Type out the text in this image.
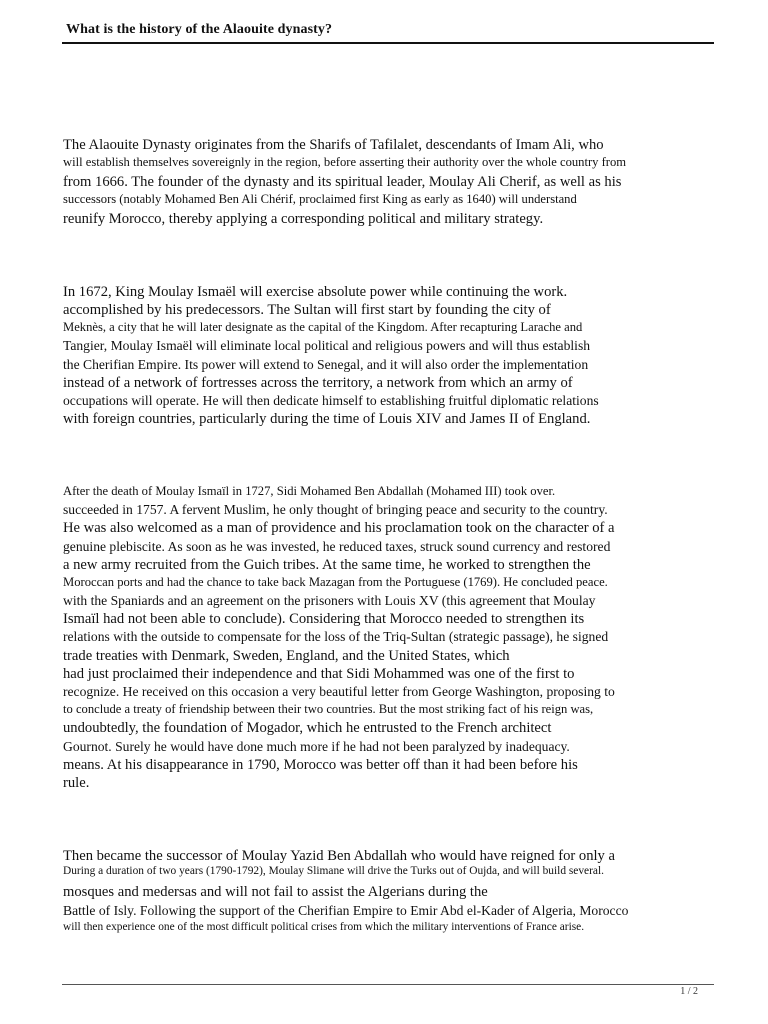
What is the history of the Alaouite dynasty?
The Alaouite Dynasty originates from the Sharifs of Tafilalet, descendants of Imam Ali, who
will establish themselves sovereignly in the region, before asserting their authority over the whole country from
from 1666. The founder of the dynasty and its spiritual leader, Moulay Ali Cherif, as well as his
successors (notably Mohamed Ben Ali Chérif, proclaimed first King as early as 1640) will understand
reunify Morocco, thereby applying a corresponding political and military strategy.
In 1672, King Moulay Ismaël will exercise absolute power while continuing the work.
accomplished by his predecessors. The Sultan will first start by founding the city of
Meknès, a city that he will later designate as the capital of the Kingdom. After recapturing Larache and
Tangier, Moulay Ismaël will eliminate local political and religious powers and will thus establish
the Cherifian Empire. Its power will extend to Senegal, and it will also order the implementation
instead of a network of fortresses across the territory, a network from which an army of
occupations will operate. He will then dedicate himself to establishing fruitful diplomatic relations
with foreign countries, particularly during the time of Louis XIV and James II of England.
After the death of Moulay Ismaïl in 1727, Sidi Mohamed Ben Abdallah (Mohamed III) took over.
succeeded in 1757. A fervent Muslim, he only thought of bringing peace and security to the country.
He was also welcomed as a man of providence and his proclamation took on the character of a
genuine plebiscite. As soon as he was invested, he reduced taxes, struck sound currency and restored
a new army recruited from the Guich tribes. At the same time, he worked to strengthen the
Moroccan ports and had the chance to take back Mazagan from the Portuguese (1769). He concluded peace.
with the Spaniards and an agreement on the prisoners with Louis XV (this agreement that Moulay
Ismaïl had not been able to conclude). Considering that Morocco needed to strengthen its
relations with the outside to compensate for the loss of the Triq-Sultan (strategic passage), he signed
trade treaties with Denmark, Sweden, England, and the United States, which
had just proclaimed their independence and that Sidi Mohammed was one of the first to
recognize. He received on this occasion a very beautiful letter from George Washington, proposing to
to conclude a treaty of friendship between their two countries. But the most striking fact of his reign was,
undoubtedly, the foundation of Mogador, which he entrusted to the French architect
Gournot. Surely he would have done much more if he had not been paralyzed by inadequacy.
means. At his disappearance in 1790, Morocco was better off than it had been before his
rule.
Then became the successor of Moulay Yazid Ben Abdallah who would have reigned for only a
During a duration of two years (1790-1792), Moulay Slimane will drive the Turks out of Oujda, and will build several.
mosques and medersas and will not fail to assist the Algerians during the
Battle of Isly. Following the support of the Cherifian Empire to Emir Abd el-Kader of Algeria, Morocco
will then experience one of the most difficult political crises from which the military interventions of France arise.
1 / 2
